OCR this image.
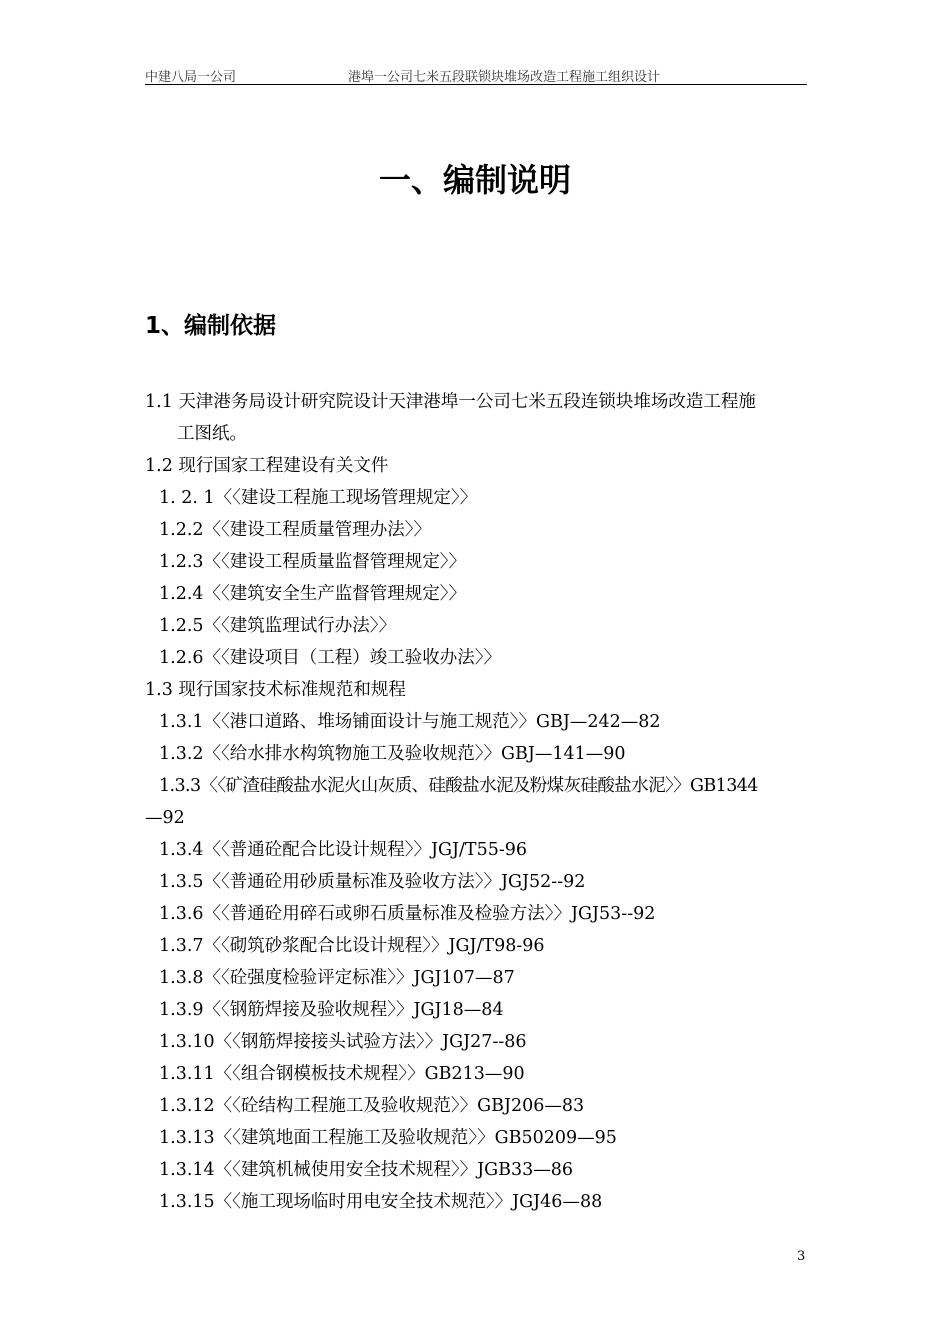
中建八局一公司	港埠一公司七米五段联锁块堆场改造工程施工组织设计
一、编制说明
1、编制依据
1.1 天津港务局设计研究院设计天津港埠一公司七米五段连锁块堆场改造工程施
工图纸。
1.2 现行国家工程建设有关文件
1. 2. 1〈〈建设工程施工现场管理规定〉〉
1.2.2〈〈建设工程质量管理办法〉〉
1.2.3〈〈建设工程质量监督管理规定〉〉
1.2.4〈〈建筑安全生产监督管理规定〉〉
1.2.5〈〈建筑监理试行办法〉〉
1.2.6〈〈建设项目（工程）竣工验收办法〉〉
1.3 现行国家技术标准规范和规程
1.3.1〈〈港口道路、堆场铺面设计与施工规范〉〉GBJ—242—82
1.3.2〈〈给水排水构筑物施工及验收规范〉〉GBJ—141—90
1.3.3〈〈矿渣硅酸盐水泥火山灰质、硅酸盐水泥及粉煤灰硅酸盐水泥〉〉GB1344
—92
1.3.4〈〈普通砼配合比设计规程〉〉JGJ/T55-96
1.3.5〈〈普通砼用砂质量标准及验收方法〉〉JGJ52--92
1.3.6〈〈普通砼用碎石或卵石质量标准及检验方法〉〉JGJ53--92
1.3.7〈〈砌筑砂浆配合比设计规程〉〉JGJ/T98-96
1.3.8〈〈砼强度检验评定标准〉〉JGJ107—87
1.3.9〈〈钢筋焊接及验收规程〉〉JGJ18—84
1.3.10〈〈钢筋焊接接头试验方法〉〉JGJ27--86
1.3.11〈〈组合钢模板技术规程〉〉GB213—90
1.3.12〈〈砼结构工程施工及验收规范〉〉GBJ206—83
1.3.13〈〈建筑地面工程施工及验收规范〉〉GB50209—95
1.3.14〈〈建筑机械使用安全技术规程〉〉JGB33—86
1.3.15〈〈施工现场临时用电安全技术规范〉〉JGJ46—88
3
